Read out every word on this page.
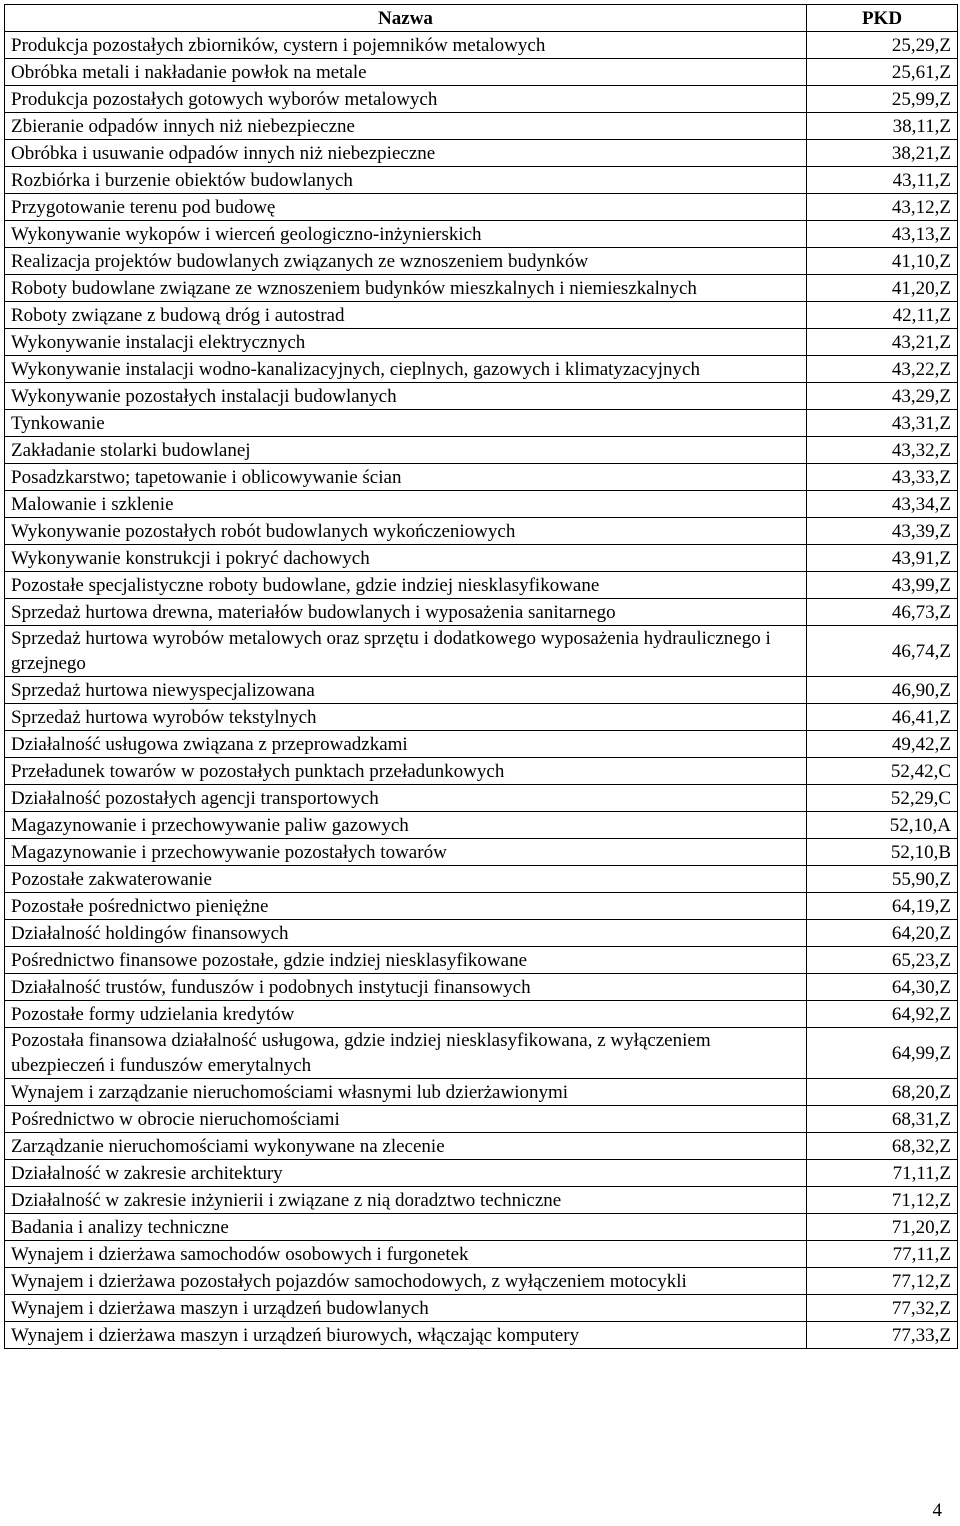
Nazwa	PKD
Produkcja pozostałych zbiorników, cystern i pojemników metalowych	25,29,Z
Obróbka metali i nakładanie powłok na metale	25,61,Z
Produkcja pozostałych gotowych wyborów metalowych	25,99,Z
Zbieranie odpadów innych niż niebezpieczne	38,11,Z
Obróbka i usuwanie odpadów innych niż niebezpieczne	38,21,Z
Rozbiórka i burzenie obiektów budowlanych	43,11,Z
Przygotowanie terenu pod budowę	43,12,Z
Wykonywanie wykopów i wierceń geologiczno-inżynierskich	43,13,Z
Realizacja projektów budowlanych związanych ze wznoszeniem budynków	41,10,Z
Roboty budowlane związane ze wznoszeniem budynków mieszkalnych i niemieszkalnych	41,20,Z
Roboty związane z budową dróg i autostrad	42,11,Z
Wykonywanie instalacji elektrycznych	43,21,Z
Wykonywanie instalacji wodno-kanalizacyjnych, cieplnych, gazowych i klimatyzacyjnych	43,22,Z
Wykonywanie pozostałych instalacji budowlanych	43,29,Z
Tynkowanie	43,31,Z
Zakładanie stolarki budowlanej	43,32,Z
Posadzkarstwo; tapetowanie i oblicowywanie ścian	43,33,Z
Malowanie i szklenie	43,34,Z
Wykonywanie pozostałych robót budowlanych wykończeniowych	43,39,Z
Wykonywanie konstrukcji i pokryć dachowych	43,91,Z
Pozostałe specjalistyczne roboty budowlane, gdzie indziej niesklasyfikowane	43,99,Z
Sprzedaż hurtowa drewna, materiałów budowlanych i wyposażenia sanitarnego	46,73,Z
Sprzedaż hurtowa wyrobów metalowych oraz sprzętu i dodatkowego wyposażenia hydraulicznego i grzejnego	46,74,Z
Sprzedaż hurtowa niewyspecjalizowana	46,90,Z
Sprzedaż hurtowa wyrobów tekstylnych	46,41,Z
Działalność usługowa związana z przeprowadzkami	49,42,Z
Przeładunek towarów w pozostałych punktach przeładunkowych	52,42,C
Działalność pozostałych agencji transportowych	52,29,C
Magazynowanie i przechowywanie paliw gazowych	52,10,A
Magazynowanie i przechowywanie pozostałych towarów	52,10,B
Pozostałe zakwaterowanie	55,90,Z
Pozostałe pośrednictwo pieniężne	64,19,Z
Działalność holdingów finansowych	64,20,Z
Pośrednictwo finansowe pozostałe, gdzie indziej niesklasyfikowane	65,23,Z
Działalność trustów, funduszów i podobnych instytucji finansowych	64,30,Z
Pozostałe formy udzielania kredytów	64,92,Z
Pozostała finansowa działalność usługowa, gdzie indziej niesklasyfikowana, z wyłączeniem ubezpieczeń i funduszów emerytalnych	64,99,Z
Wynajem i zarządzanie nieruchomościami własnymi lub dzierżawionymi	68,20,Z
Pośrednictwo w obrocie nieruchomościami	68,31,Z
Zarządzanie nieruchomościami wykonywane na zlecenie	68,32,Z
Działalność w zakresie architektury	71,11,Z
Działalność w zakresie inżynierii i związane z nią doradztwo techniczne	71,12,Z
Badania i analizy techniczne	71,20,Z
Wynajem i dzierżawa samochodów osobowych i furgonetek	77,11,Z
Wynajem i dzierżawa pozostałych pojazdów samochodowych, z wyłączeniem motocykli	77,12,Z
Wynajem i dzierżawa maszyn i urządzeń budowlanych	77,32,Z
Wynajem i dzierżawa maszyn i urządzeń biurowych, włączając komputery	77,33,Z
4
